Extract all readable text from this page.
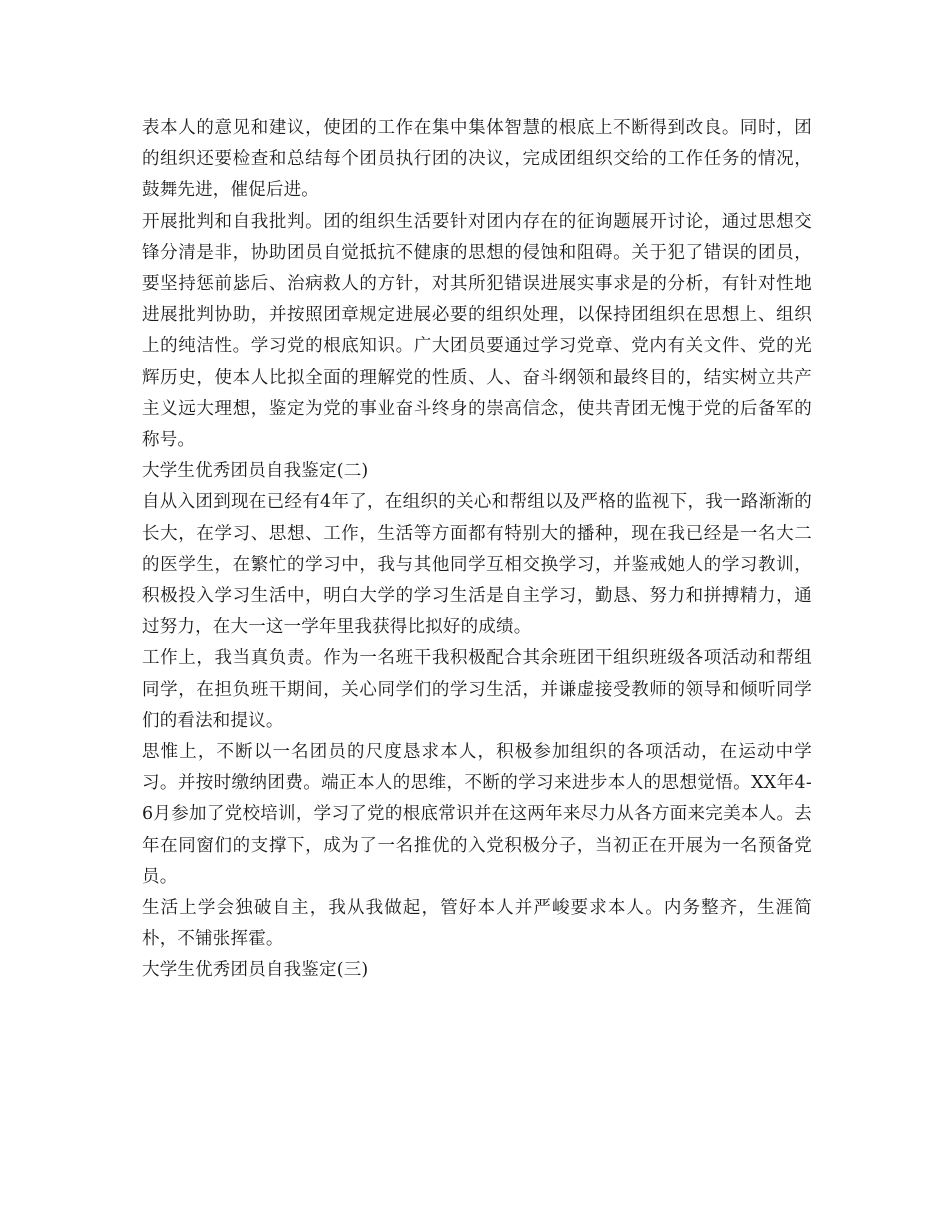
表本人的意见和建议，使团的工作在集中集体智慧的根底上不断得到改良。同时，团的组织还要检查和总结每个团员执行团的决议，完成团组织交给的工作任务的情况，鼓舞先进，催促后进。

开展批判和自我批判。团的组织生活要针对团内存在的征询题展开讨论，通过思想交锋分清是非，协助团员自觉抵抗不健康的思想的侵蚀和阻碍。关于犯了错误的团员，要坚持惩前毖后、治病救人的方针，对其所犯错误进展实事求是的分析，有针对性地进展批判协助，并按照团章规定进展必要的组织处理，以保持团组织在思想上、组织上的纯洁性。学习党的根底知识。广大团员要通过学习党章、党内有关文件、党的光辉历史，使本人比拟全面的理解党的性质、人、奋斗纲领和最终目的，结实树立共产主义远大理想，鉴定为党的事业奋斗终身的崇高信念，使共青团无愧于党的后备军的称号。

大学生优秀团员自我鉴定(二)

自从入团到现在已经有4年了，在组织的关心和帮组以及严格的监视下，我一路渐渐的长大，在学习、思想、工作，生活等方面都有特别大的播种，现在我已经是一名大二的医学生，在繁忙的学习中，我与其他同学互相交换学习，并鉴戒她人的学习教训，积极投入学习生活中，明白大学的学习生活是自主学习，勤恳、努力和拼搏精力，通过努力，在大一这一学年里我获得比拟好的成绩。

工作上，我当真负责。作为一名班干我积极配合其余班团干组织班级各项活动和帮组同学，在担负班干期间，关心同学们的学习生活，并谦虚接受教师的领导和倾听同学们的看法和提议。

思惟上，不断以一名团员的尺度恳求本人，积极参加组织的各项活动，在运动中学习。并按时缴纳团费。端正本人的思维，不断的学习来进步本人的思想觉悟。XX年4-6月参加了党校培训，学习了党的根底常识并在这两年来尽力从各方面来完美本人。去年在同窗们的支撑下，成为了一名推优的入党积极分子，当初正在开展为一名预备党员。

生活上学会独破自主，我从我做起，管好本人并严峻要求本人。内务整齐，生涯简朴，不铺张挥霍。

大学生优秀团员自我鉴定(三)
